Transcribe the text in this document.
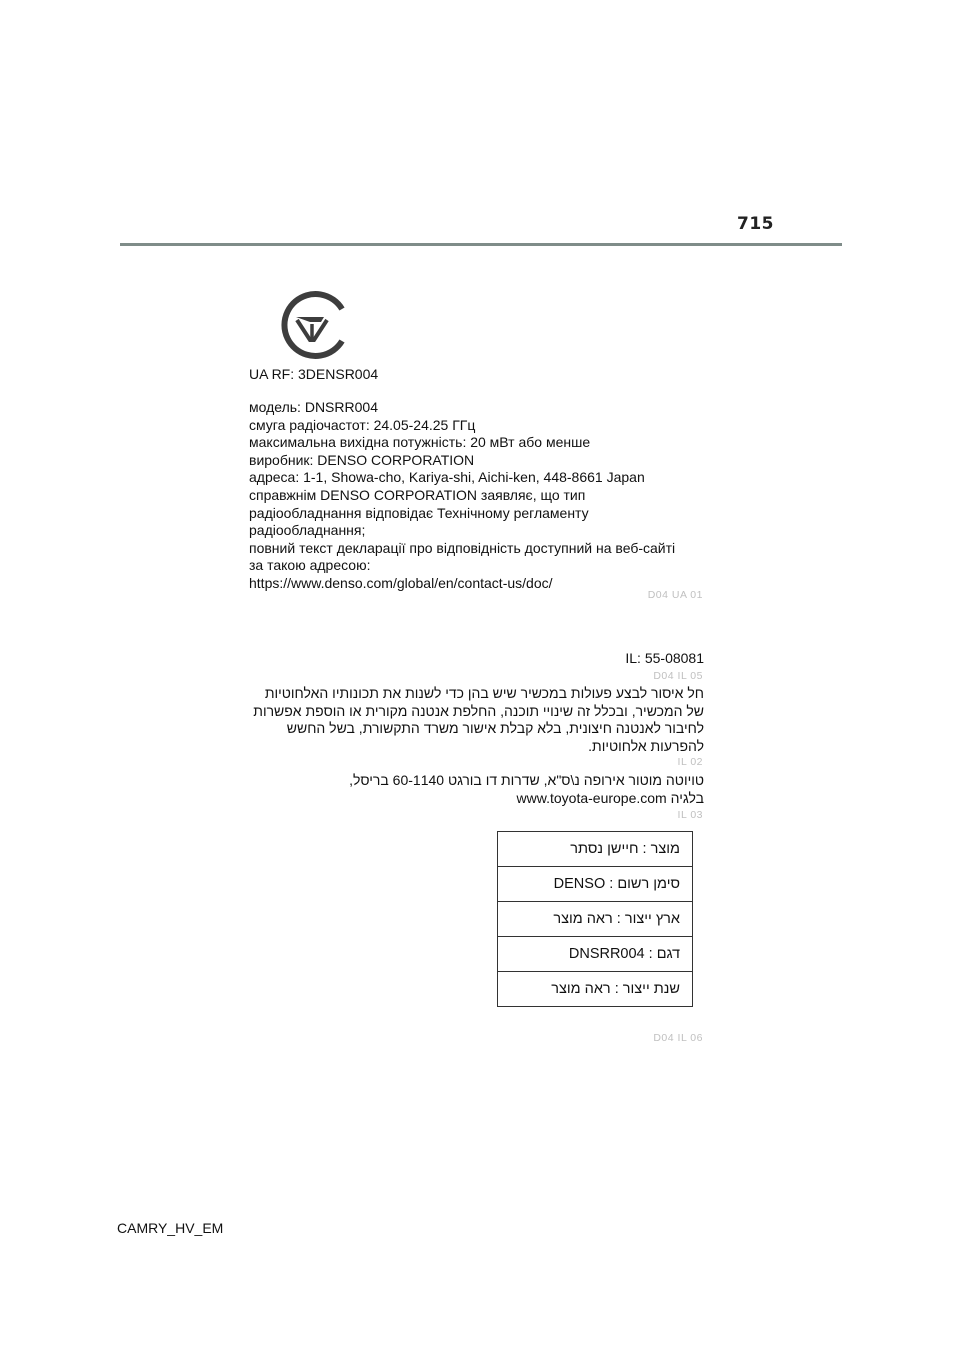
715
UA RF: 3DENSR004
модель: DNSRR004
смуга радіочастот: 24.05-24.25 ГГц
максимальна вихідна потужність: 20 мВт або менше
виробник: DENSO CORPORATION
адреса: 1-1, Showa-cho, Kariya-shi, Aichi-ken, 448-8661 Japan
справжнім DENSO CORPORATION заявляє, що тип
радіообладнання відповідає Технічному регламенту
радіообладнання;
повний текст декларації про відповідність доступний на веб-сайті
за такою адресою:
https://www.denso.com/global/en/contact-us/doc/
D04 UA 01
IL: 55-08081
D04 IL 05
חל איסור לבצע פעולות במכשיר שיש בהן כדי לשנות את תכונותיו האלחוטיות
של המכשיר, ובכלל זה שינויי תוכנה, החלפת אנטנה מקורית או הוספת אפשרות
לחיבור לאנטנה חיצונית, בלא קבלת אישור משרד התקשורת, בשל החשש
להפרעות אלחוטיות.
IL 02
טויוטה מוטור אירופה נ\ס"א, שדרות דו בורגט 60-1140 בריסל,
בלגיה www.toyota-europe.com
IL 03
מוצר : חיישן נסתר
סימן רשום : DENSO
ארץ ייצור : ראה מוצר
דגם : DNSRR004
שנת ייצור : ראה מוצר
D04 IL 06
CAMRY_HV_EM
